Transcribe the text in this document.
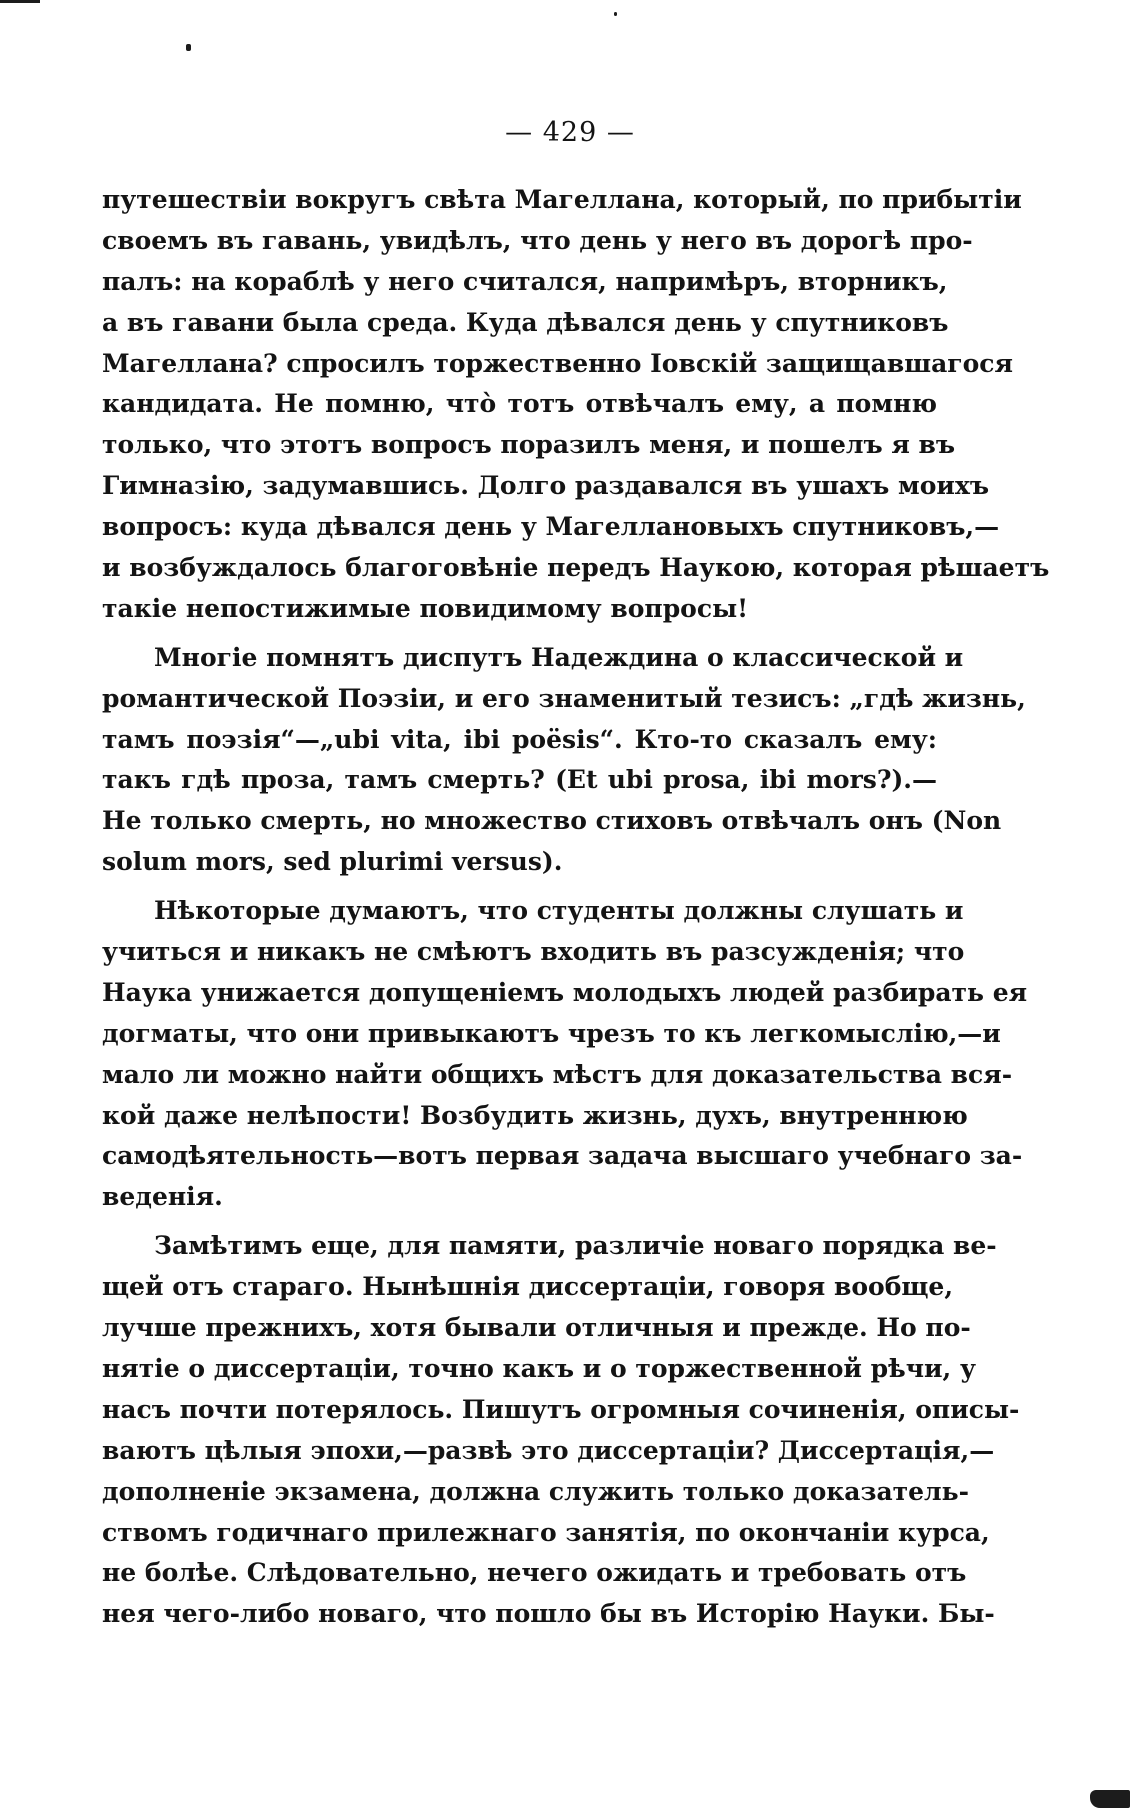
— 429 —
путешествіи вокругъ свѣта Магеллана, который, по прибытіи
своемъ въ гавань, увидѣлъ, что день у него въ дорогѣ про-
палъ: на кораблѣ у него считался, напримѣръ, вторникъ,
а въ гавани была среда. Куда дѣвался день у спутниковъ
Магеллана? спросилъ торжественно Іовскій защищавшагося
кандидата. Не помню, что̀ тотъ отвѣчалъ ему, а помню
только, что этотъ вопросъ поразилъ меня, и пошелъ я въ
Гимназію, задумавшись. Долго раздавался въ ушахъ моихъ
вопросъ: куда дѣвался день у Магеллановыхъ спутниковъ,—
и возбуждалось благоговѣніе передъ Наукою, которая рѣшаетъ
такіе непостижимые повидимому вопросы!
Многіе помнятъ диспутъ Надеждина о классической и
романтической Поэзіи, и его знаменитый тезисъ: „гдѣ жизнь,
тамъ поэзія“—„ubi vita, ibi poësis“. Кто-то сказалъ ему:
такъ гдѣ проза, тамъ смерть? (Et ubi prosa, ibi mors?).—
Не только смерть, но множество стиховъ отвѣчалъ онъ (Non
solum mors, sed plurimi versus).
Нѣкоторые думаютъ, что студенты должны слушать и
учиться и никакъ не смѣютъ входить въ разсужденія; что
Наука унижается допущеніемъ молодыхъ людей разбирать ея
догматы, что они привыкаютъ чрезъ то къ легкомыслію,—и
мало ли можно найти общихъ мѣстъ для доказательства вся-
кой даже нелѣпости! Возбудить жизнь, духъ, внутреннюю
самодѣятельность—вотъ первая задача высшаго учебнаго за-
веденія.
Замѣтимъ еще, для памяти, различіе новаго порядка ве-
щей отъ стараго. Нынѣшнія диссертаціи, говоря вообще,
лучше прежнихъ, хотя бывали отличныя и прежде. Но по-
нятіе о диссертаціи, точно какъ и о торжественной рѣчи, у
насъ почти потерялось. Пишутъ огромныя сочиненія, описы-
ваютъ цѣлыя эпохи,—развѣ это диссертаціи? Диссертація,—
дополненіе экзамена, должна служить только доказатель-
ствомъ годичнаго прилежнаго занятія, по окончаніи курса,
не болѣе. Слѣдовательно, нечего ожидать и требовать отъ
нея чего-либо новаго, что пошло бы въ Исторію Науки. Бы-
